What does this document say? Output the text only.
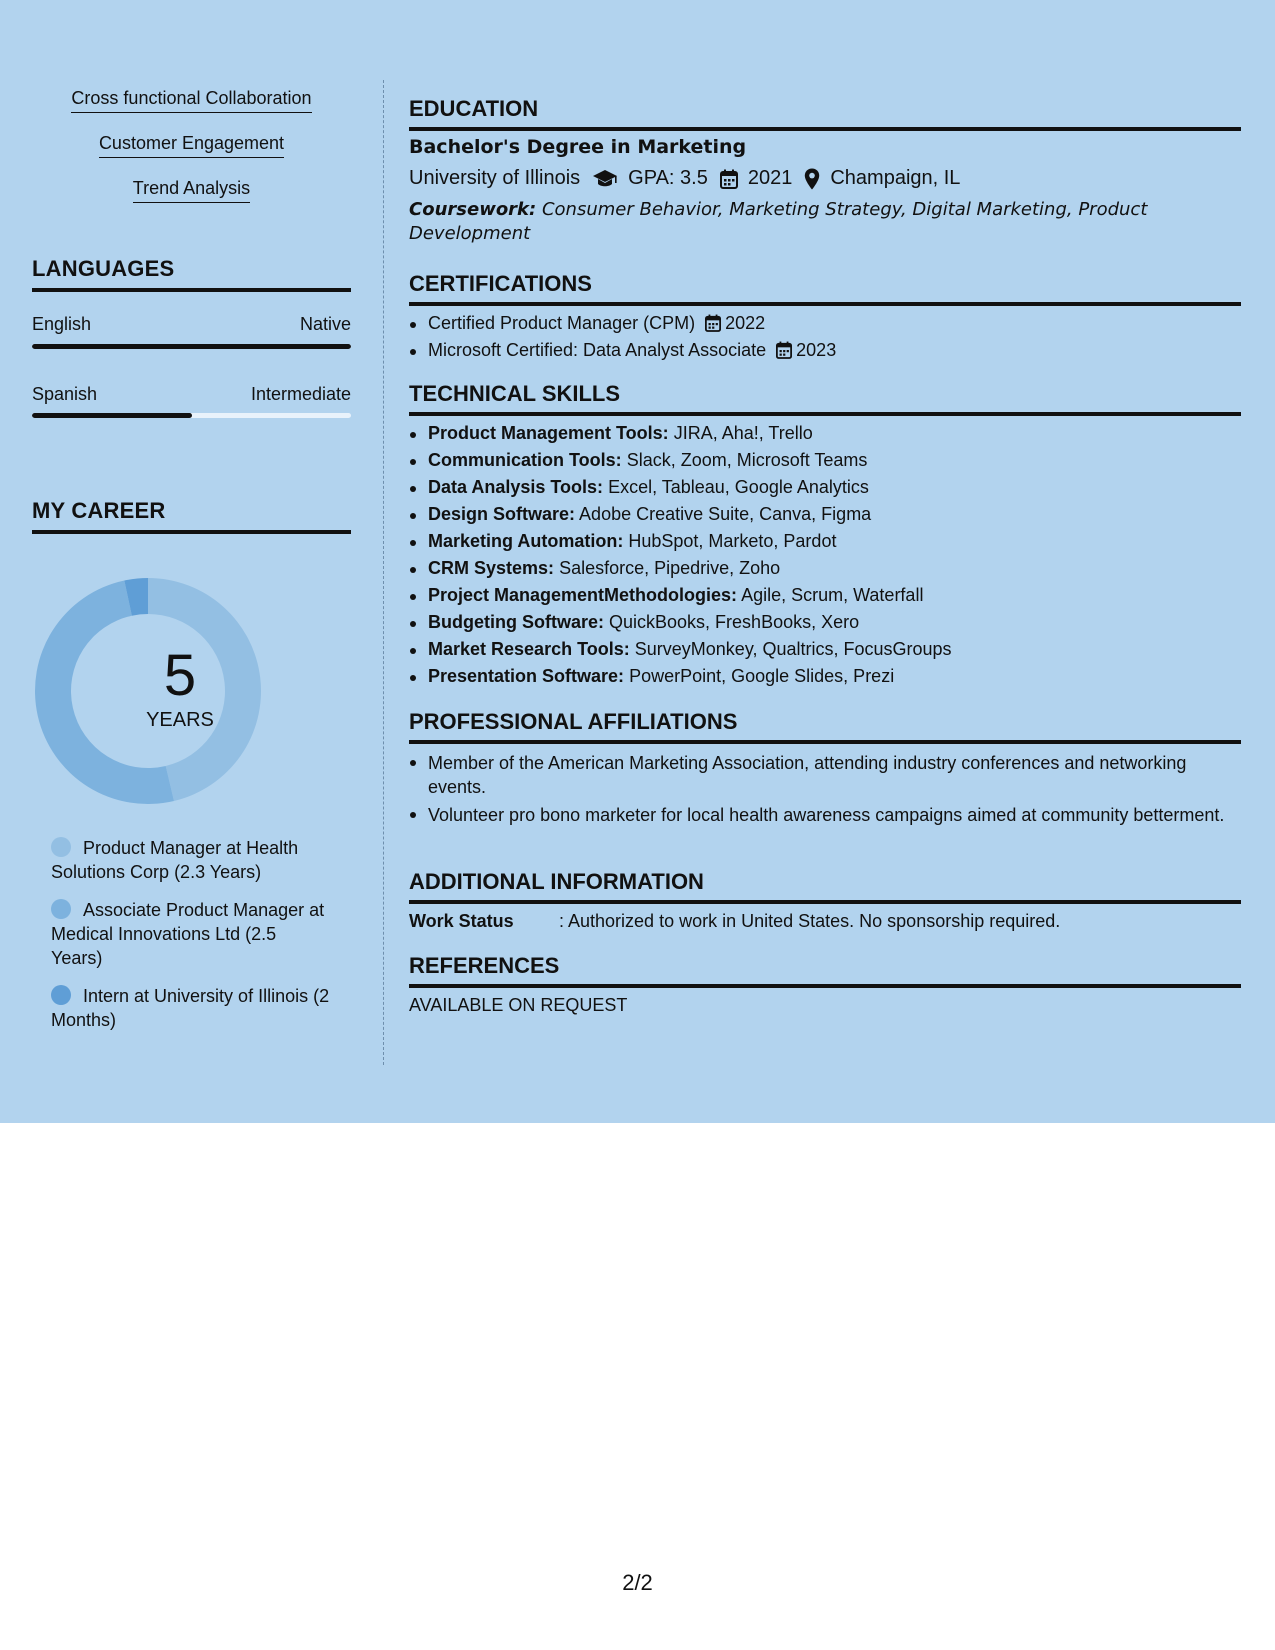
Cross functional Collaboration
Customer Engagement
Trend Analysis
LANGUAGES
English	Native
Spanish	Intermediate
MY CAREER
Product Manager at Health Solutions Corp (2.3 Years)
Associate Product Manager at Medical Innovations Ltd (2.5 Years)
Intern at University of Illinois (2 Months)
5
YEARS
EDUCATION
Bachelor's Degree in Marketing
University of Illinois GPA: 3.5 2021 Champaign, IL
Coursework: Consumer Behavior, Marketing Strategy, Digital Marketing, Product Development
CERTIFICATIONS
Certified Product Manager (CPM) 2022
Microsoft Certified: Data Analyst Associate 2023
TECHNICAL SKILLS
Product Management Tools: JIRA, Aha!, Trello
Communication Tools: Slack, Zoom, Microsoft Teams
Data Analysis Tools: Excel, Tableau, Google Analytics
Design Software: Adobe Creative Suite, Canva, Figma
Marketing Automation: HubSpot, Marketo, Pardot
CRM Systems: Salesforce, Pipedrive, Zoho
Project ManagementMethodologies: Agile, Scrum, Waterfall
Budgeting Software: QuickBooks, FreshBooks, Xero
Market Research Tools: SurveyMonkey, Qualtrics, FocusGroups
Presentation Software: PowerPoint, Google Slides, Prezi
PROFESSIONAL AFFILIATIONS
Member of the American Marketing Association, attending industry conferences and networking events.
Volunteer pro bono marketer for local health awareness campaigns aimed at community betterment.
ADDITIONAL INFORMATION
Work Status	: Authorized to work in United States. No sponsorship required.
REFERENCES
AVAILABLE ON REQUEST
2/2
